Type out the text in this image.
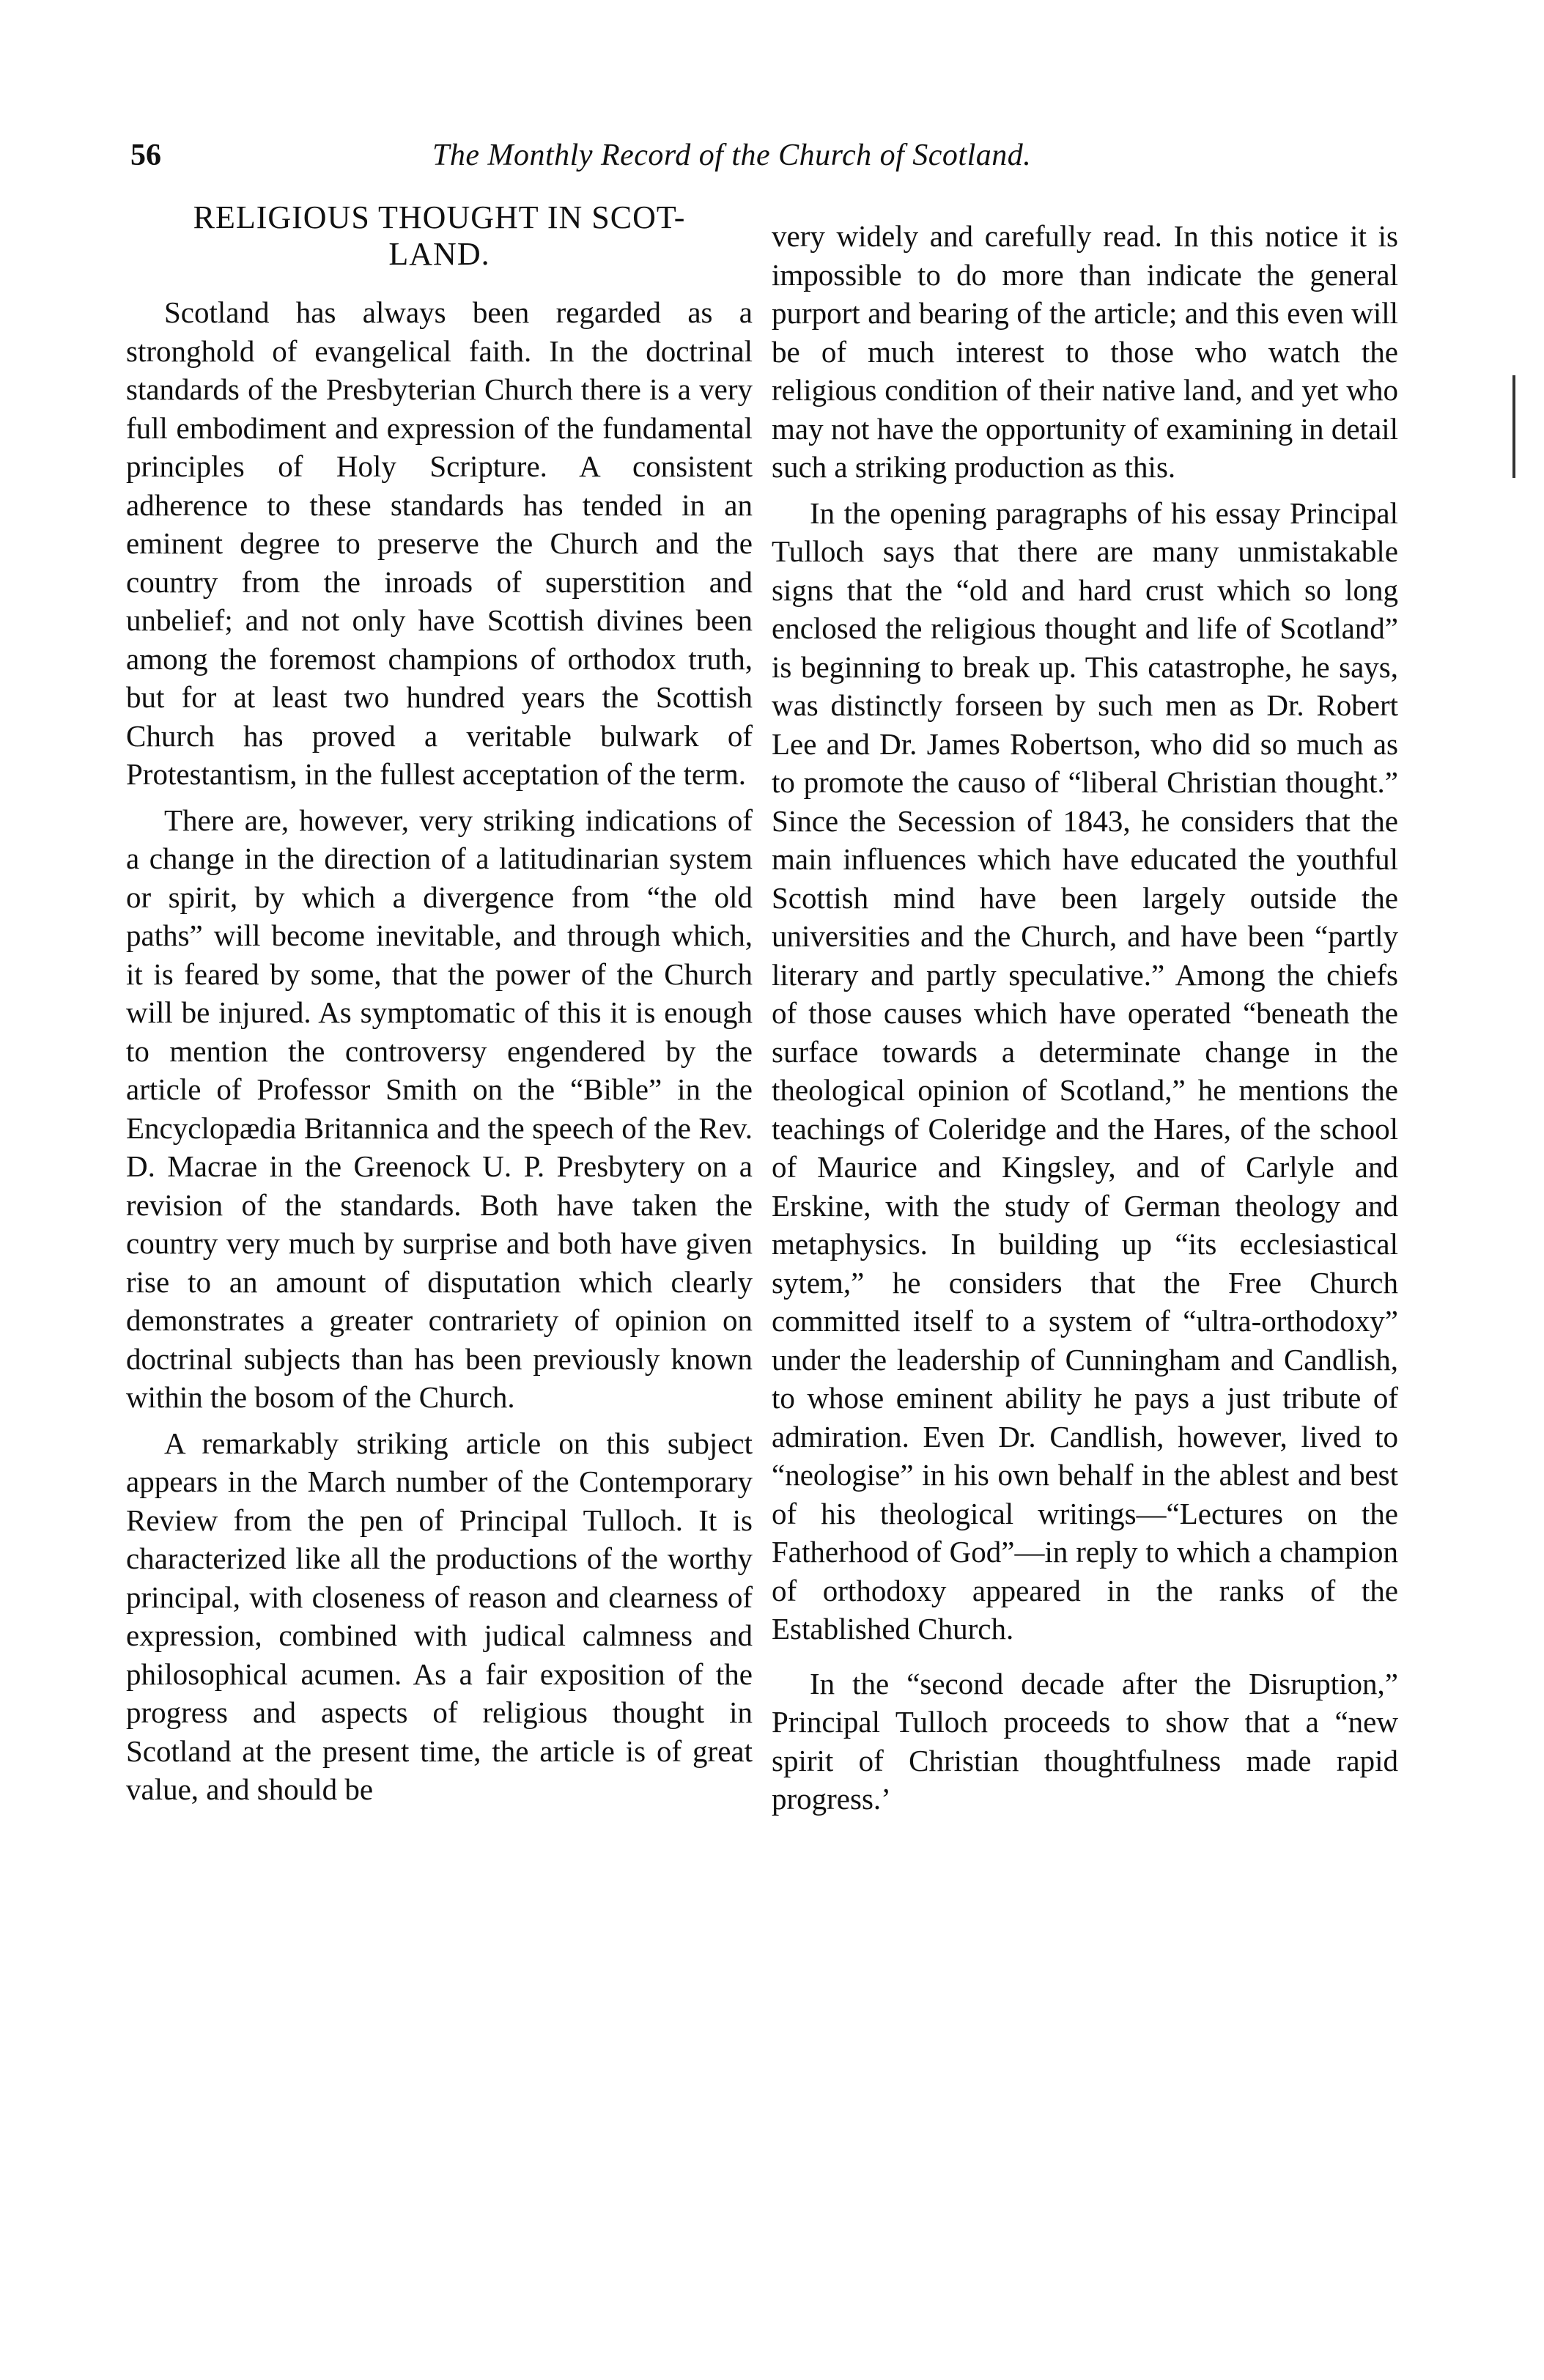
56	The Monthly Record of the Church of Scotland.
RELIGIOUS THOUGHT IN SCOT-
LAND.

Scotland has always been regarded as a stronghold of evangelical faith. In the doctrinal standards of the Presbyterian Church there is a very full embodiment and expression of the fundamental principles of Holy Scripture. A consistent adherence to these standards has tended in an eminent degree to preserve the Church and the country from the inroads of superstition and unbelief; and not only have Scottish divines been among the foremost champions of orthodox truth, but for at least two hundred years the Scottish Church has proved a veritable bulwark of Protestantism, in the fullest acceptation of the term.

There are, however, very striking indications of a change in the direction of a latitudinarian system or spirit, by which a divergence from “the old paths” will become inevitable, and through which, it is feared by some, that the power of the Church will be injured. As symptomatic of this it is enough to mention the controversy engendered by the article of Professor Smith on the “Bible” in the Encyclopædia Britannica and the speech of the Rev. D. Macrae in the Greenock U. P. Presbytery on a revision of the standards. Both have taken the country very much by surprise and both have given rise to an amount of disputation which clearly demonstrates a greater contrariety of opinion on doctrinal subjects than has been previously known within the bosom of the Church.

A remarkably striking article on this subject appears in the March number of the Contemporary Review from the pen of Principal Tulloch. It is characterized like all the productions of the worthy principal, with closeness of reason and clearness of expression, combined with judical calmness and philosophical acumen. As a fair exposition of the progress and aspects of religious thought in Scotland at the present time, the article is of great value, and should be

very widely and carefully read. In this notice it is impossible to do more than indicate the general purport and bearing of the article; and this even will be of much interest to those who watch the religious condition of their native land, and yet who may not have the opportunity of examining in detail such a striking production as this.

In the opening paragraphs of his essay Principal Tulloch says that there are many unmistakable signs that the “old and hard crust which so long enclosed the religious thought and life of Scotland” is beginning to break up. This catastrophe, he says, was distinctly forseen by such men as Dr. Robert Lee and Dr. James Robertson, who did so much as to promote the causo of “liberal Christian thought.” Since the Secession of 1843, he considers that the main influences which have educated the youthful Scottish mind have been largely outside the universities and the Church, and have been “partly literary and partly speculative.” Among the chiefs of those causes which have operated “beneath the surface towards a determinate change in the theological opinion of Scotland,” he mentions the teachings of Coleridge and the Hares, of the school of Maurice and Kingsley, and of Carlyle and Erskine, with the study of German theology and metaphysics. In building up “its ecclesiastical sytem,” he considers that the Free Church committed itself to a system of “ultra-orthodoxy” under the leadership of Cunningham and Candlish, to whose eminent ability he pays a just tribute of admiration. Even Dr. Candlish, however, lived to “neologise” in his own behalf in the ablest and best of his theological writings—“Lectures on the Fatherhood of God”—in reply to which a champion of orthodoxy appeared in the ranks of the Established Church.

In the “second decade after the Disruption,” Principal Tulloch proceeds to show that a “new spirit of Christian thoughtfulness made rapid progress.’
